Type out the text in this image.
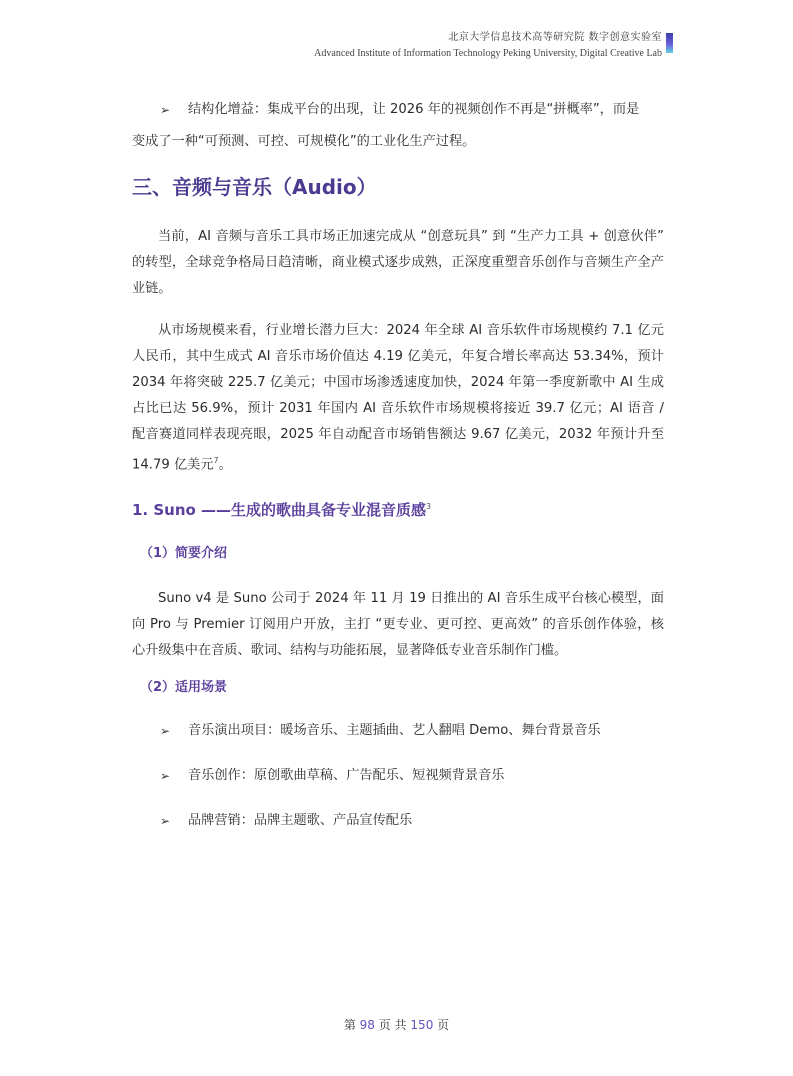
北京大学信息技术高等研究院 数字创意实验室
Advanced Institute of Information Technology Peking University, Digital Creative Lab
➢	结构化增益：集成平台的出现，让 2026 年的视频创作不再是“拼概率”，而是
变成了一种“可预测、可控、可规模化”的工业化生产过程。
三、音频与音乐（Audio）

当前，AI 音频与音乐工具市场正加速完成从 “创意玩具” 到 “生产力工具 + 创意伙伴” 的转型，全球竞争格局日趋清晰，商业模式逐步成熟，正深度重塑音乐创作与音频生产全产业链。

从市场规模来看，行业增长潜力巨大：2024 年全球 AI 音乐软件市场规模约 7.1 亿元人民币，其中生成式 AI 音乐市场价值达 4.19 亿美元，年复合增长率高达 53.34%，预计 2034 年将突破 225.7 亿美元；中国市场渗透速度加快，2024 年第一季度新歌中 AI 生成占比已达 56.9%，预计 2031 年国内 AI 音乐软件市场规模将接近 39.7 亿元；AI 语音 / 配音赛道同样表现亮眼，2025 年自动配音市场销售额达 9.67 亿美元，2032 年预计升至 14.79 亿美元$^7$。

1. Suno ——生成的歌曲具备专业混音质感$^3$
（1）简要介绍

Suno v4 是 Suno 公司于 2024 年 11 月 19 日推出的 AI 音乐生成平台核心模型，面向 Pro 与 Premier 订阅用户开放，主打 “更专业、更可控、更高效” 的音乐创作体验，核心升级集中在音质、歌词、结构与功能拓展，显著降低专业音乐制作门槛。

（2）适用场景
➢	音乐演出项目：暖场音乐、主题插曲、艺人翻唱 Demo、舞台背景音乐
➢	音乐创作：原创歌曲草稿、广告配乐、短视频背景音乐
➢	品牌营销：品牌主题歌、产品宣传配乐
第 98 页 共 150 页
